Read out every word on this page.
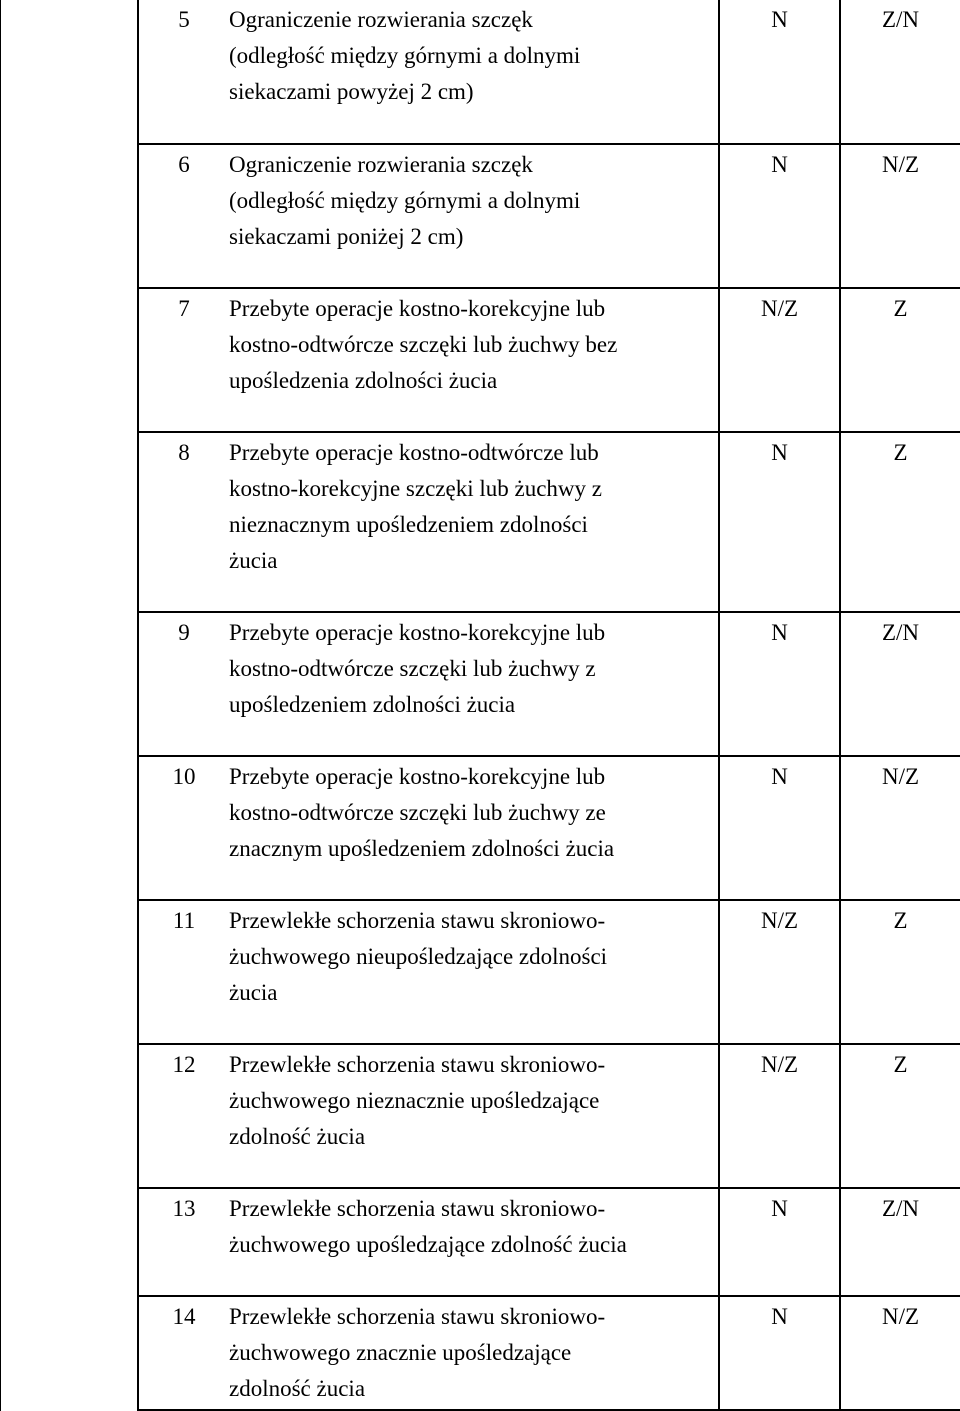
5 Ograniczenie rozwierania szczęk
(odległość między górnymi a dolnymi
siekaczami powyżej 2 cm)	N	Z/N

6 Ograniczenie rozwierania szczęk
(odległość między górnymi a dolnymi
siekaczami poniżej 2 cm)	N	N/Z

7 Przebyte operacje kostno-korekcyjne lub
kostno-odtwórcze szczęki lub żuchwy bez
upośledzenia zdolności żucia	N/Z	Z

8 Przebyte operacje kostno-odtwórcze lub
kostno-korekcyjne szczęki lub żuchwy z
nieznacznym upośledzeniem zdolności
żucia	N	Z

9 Przebyte operacje kostno-korekcyjne lub
kostno-odtwórcze szczęki lub żuchwy z
upośledzeniem zdolności żucia	N	Z/N

10 Przebyte operacje kostno-korekcyjne lub
kostno-odtwórcze szczęki lub żuchwy ze
znacznym upośledzeniem zdolności żucia	N	N/Z

11 Przewlekłe schorzenia stawu skroniowo-
żuchwowego nieupośledzające zdolności
żucia	N/Z	Z

12 Przewlekłe schorzenia stawu skroniowo-
żuchwowego nieznacznie upośledzające
zdolność żucia	N/Z	Z

13 Przewlekłe schorzenia stawu skroniowo-
żuchwowego upośledzające zdolność żucia	N	Z/N

14 Przewlekłe schorzenia stawu skroniowo-
żuchwowego znacznie upośledzające
zdolność żucia	N	N/Z
